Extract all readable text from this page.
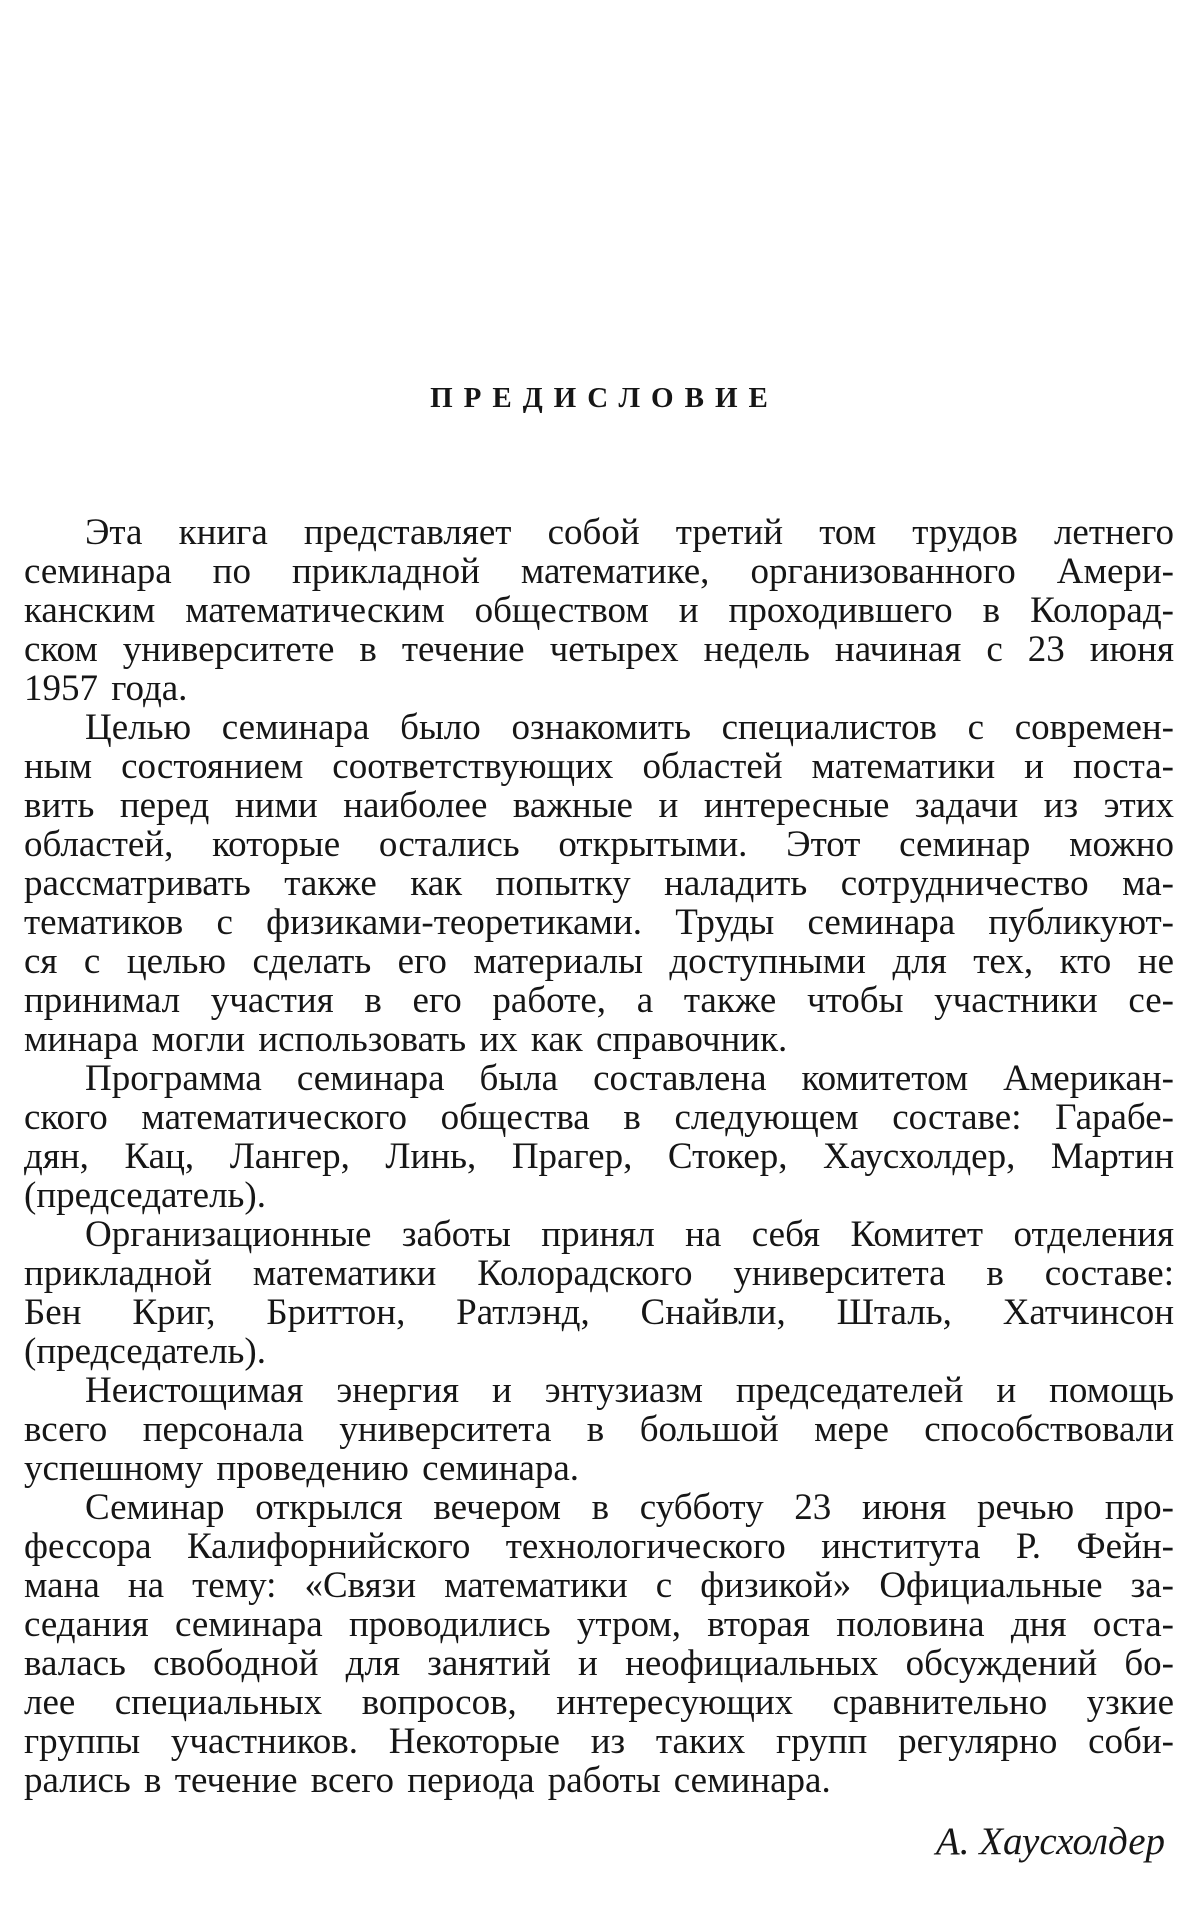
ПРЕДИСЛОВИЕ
Эта книга представляет собой третий том трудов летнего
семинара по прикладной математике, организованного Амери-
канским математическим обществом и проходившего в Колорад-
ском университете в течение четырех недель начиная с 23 июня
1957 года.
Целью семинара было ознакомить специалистов с современ-
ным состоянием соответствующих областей математики и поста-
вить перед ними наиболее важные и интересные задачи из этих
областей, которые остались открытыми. Этот семинар можно
рассматривать также как попытку наладить сотрудничество ма-
тематиков с физиками-теоретиками. Труды семинара публикуют-
ся с целью сделать его материалы доступными для тех, кто не
принимал участия в его работе, а также чтобы участники се-
минара могли использовать их как справочник.
Программа семинара была составлена комитетом Американ-
ского математического общества в следующем составе: Гарабе-
дян, Кац, Лангер, Линь, Прагер, Стокер, Хаусхолдер, Мартин
(председатель).
Организационные заботы принял на себя Комитет отделения
прикладной математики Колорадского университета в составе:
Бен Криг, Бриттон, Ратлэнд, Снайвли, Шталь, Хатчинсон
(председатель).
Неистощимая энергия и энтузиазм председателей и помощь
всего персонала университета в большой мере способствовали
успешному проведению семинара.
Семинар открылся вечером в субботу 23 июня речью про-
фессора Калифорнийского технологического института Р. Фейн-
мана на тему: «Связи математики с физикой» Официальные за-
седания семинара проводились утром, вторая половина дня оста-
валась свободной для занятий и неофициальных обсуждений бо-
лее специальных вопросов, интересующих сравнительно узкие
группы участников. Некоторые из таких групп регулярно соби-
рались в течение всего периода работы семинара.
А. Хаусхолдер
